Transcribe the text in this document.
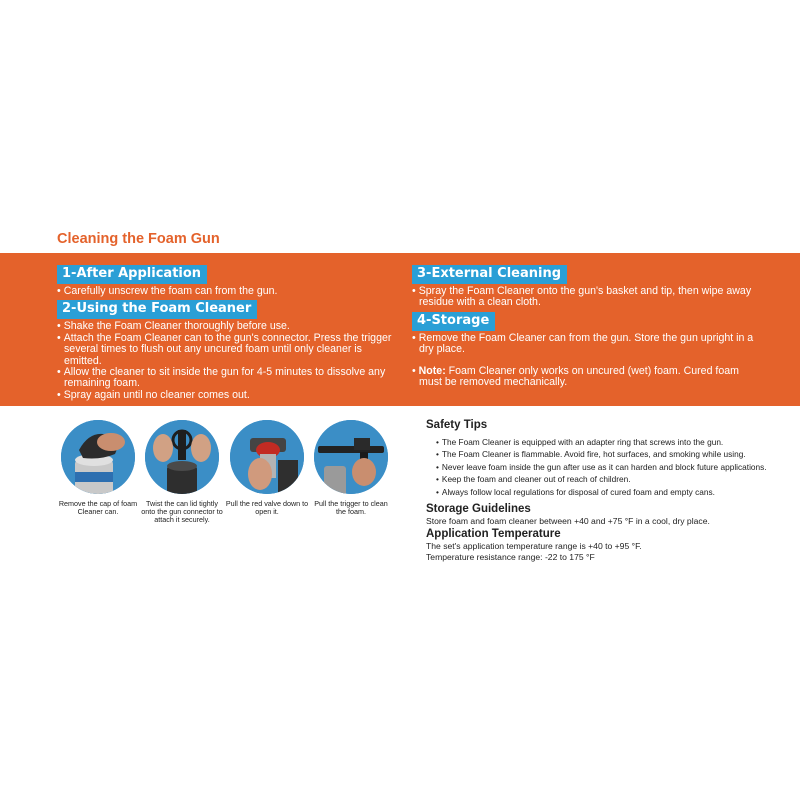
Cleaning the Foam Gun
1-After Application
• Carefully unscrew the foam can from the gun.
2-Using the Foam Cleaner
• Shake the Foam Cleaner thoroughly before use.
• Attach the Foam Cleaner can to the gun's connector. Press the trigger several times to flush out any uncured foam until only cleaner is emitted.
• Allow the cleaner to sit inside the gun for 4-5 minutes to dissolve any remaining foam.
• Spray again until no cleaner comes out.
3-External Cleaning
• Spray the Foam Cleaner onto the gun's basket and tip, then wipe away residue with a clean cloth.
4-Storage
• Remove the Foam Cleaner can from the gun. Store the gun upright in a dry place.
• Note: Foam Cleaner only works on uncured (wet) foam. Cured foam must be removed mechanically.
Remove the cap of foam Cleaner can.
Twist the can lid tightly onto the gun connector to attach it securely.
Pull the red valve down to open it.
Pull the trigger to clean the foam.
Safety Tips
• The Foam Cleaner is equipped with an adapter ring that screws into the gun.
• The Foam Cleaner is flammable. Avoid fire, hot surfaces, and smoking while using.
• Never leave foam inside the gun after use as it can harden and block future applications.
• Keep the foam and cleaner out of reach of children.
• Always follow local regulations for disposal of cured foam and empty cans.
Storage Guidelines

Store foam and foam cleaner between +40 and +75 °F in a cool, dry place.

Application Temperature

The set's application temperature range is +40 to +95 °F.

Temperature resistance range: -22 to 175 °F
